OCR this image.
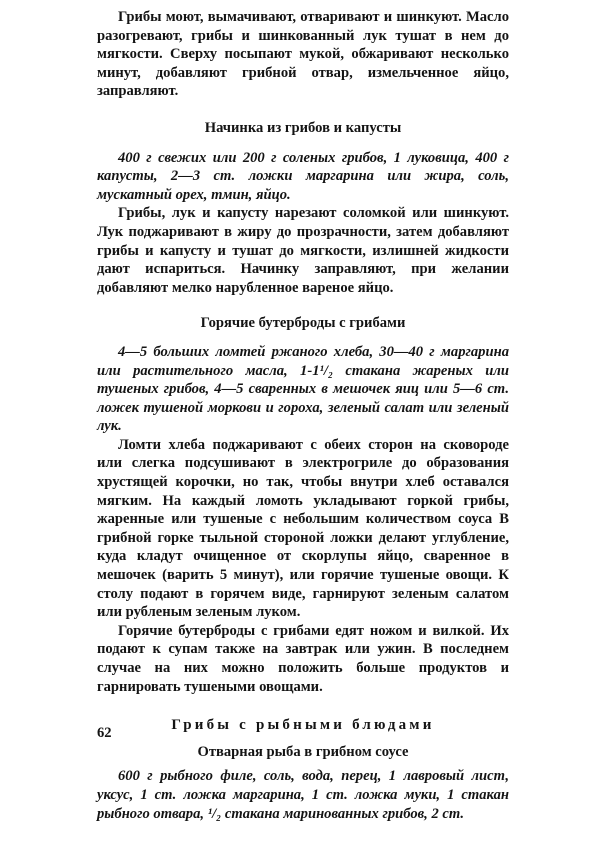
Грибы моют, вымачивают, отваривают и шинкуют. Масло разогревают, грибы и шинкованный лук тушат в нем до мягкости. Сверху посыпают мукой, обжаривают несколько минут, добавляют грибной отвар, измельченное яйцо, заправляют.

Начинка из грибов и капусты

400 г свежих или 200 г соленых грибов, 1 луковица, 400 г капусты, 2—3 ст. ложки маргарина или жира, соль, мускатный орех, тмин, яйцо.

Грибы, лук и капусту нарезают соломкой или шинкуют. Лук поджаривают в жиру до прозрачности, затем добавляют грибы и капусту и тушат до мягкости, излишней жидкости дают испариться. Начинку заправляют, при желании добавляют мелко нарубленное вареное яйцо.

Горячие бутерброды с грибами

4—5 больших ломтей ржаного хлеба, 30—40 г маргарина или растительного масла, 1-1¹/₂ стакана жареных или тушеных грибов, 4—5 сваренных в мешочек яиц или 5—6 ст. ложек тушеной моркови и гороха, зеленый салат или зеленый лук.

Ломти хлеба поджаривают с обеих сторон на сковороде или слегка подсушивают в электрогриле до образования хрустящей корочки, но так, чтобы внутри хлеб оставался мягким. На каждый ломоть укладывают горкой грибы, жаренные или тушеные с небольшим количеством соуса В грибной горке тыльной стороной ложки делают углубление, куда кладут очищенное от скорлупы яйцо, сваренное в мешочек (варить 5 минут), или горячие тушеные овощи. К столу подают в горячем виде, гарнируют зеленым салатом или рубленым зеленым луком.

Горячие бутерброды с грибами едят ножом и вилкой. Их подают к супам также на завтрак или ужин. В последнем случае на них можно положить больше продуктов и гарнировать тушеными овощами.

Грибы с рыбными блюдами
Отварная рыба в грибном соусе

600 г рыбного филе, соль, вода, перец, 1 лавровый лист, уксус, 1 ст. ложка маргарина, 1 ст. ложка муки, 1 стакан рыбного отвара, ¹/₂ стакана маринованных грибов, 2 ст.

62
